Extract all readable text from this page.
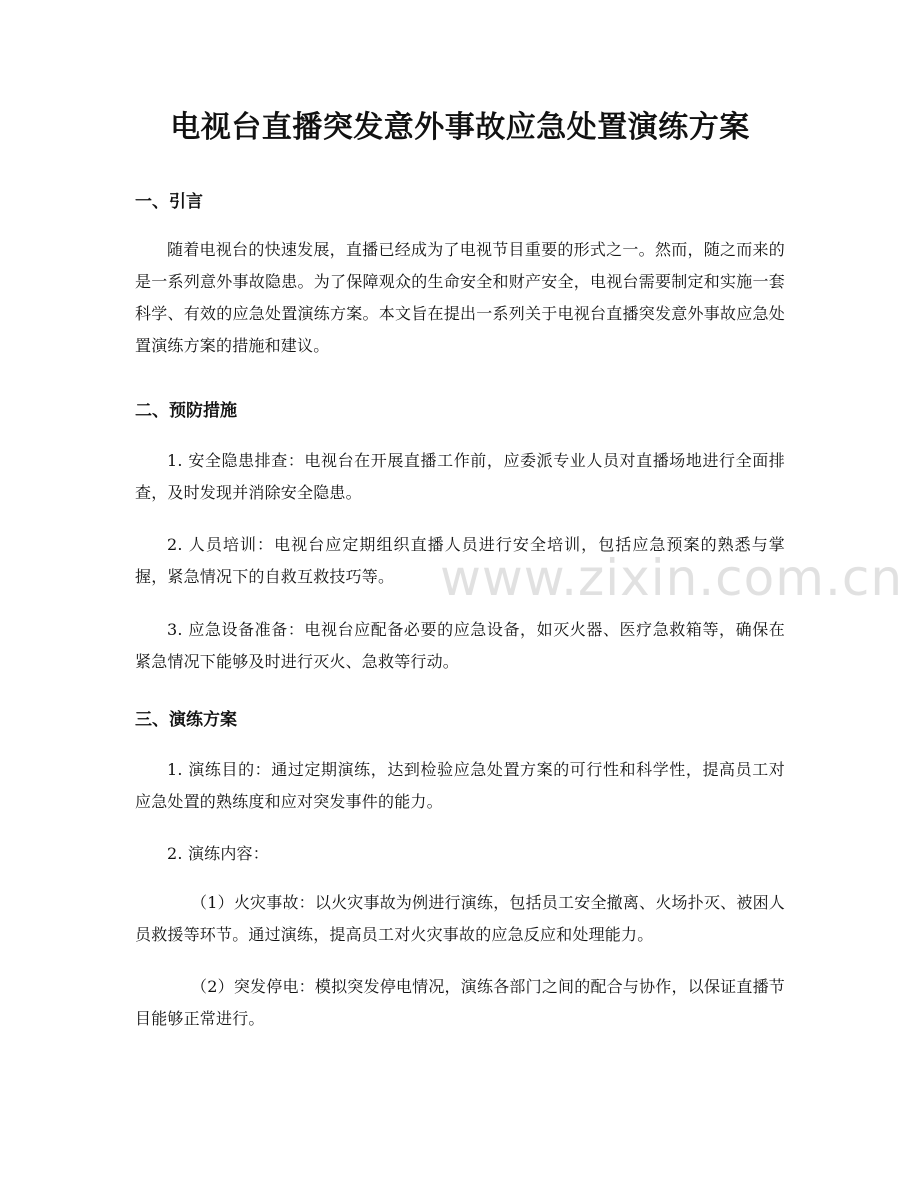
电视台直播突发意外事故应急处置演练方案
一、引言

随着电视台的快速发展，直播已经成为了电视节目重要的形式之一。然而，随之而来的是一系列意外事故隐患。为了保障观众的生命安全和财产安全，电视台需要制定和实施一套科学、有效的应急处置演练方案。本文旨在提出一系列关于电视台直播突发意外事故应急处置演练方案的措施和建议。

二、预防措施

1. 安全隐患排查：电视台在开展直播工作前，应委派专业人员对直播场地进行全面排查，及时发现并消除安全隐患。

2. 人员培训：电视台应定期组织直播人员进行安全培训，包括应急预案的熟悉与掌握，紧急情况下的自救互救技巧等。

3. 应急设备准备：电视台应配备必要的应急设备，如灭火器、医疗急救箱等，确保在紧急情况下能够及时进行灭火、急救等行动。

三、演练方案

1. 演练目的：通过定期演练，达到检验应急处置方案的可行性和科学性，提高员工对应急处置的熟练度和应对突发事件的能力。

2. 演练内容：

（1）火灾事故：以火灾事故为例进行演练，包括员工安全撤离、火场扑灭、被困人员救援等环节。通过演练，提高员工对火灾事故的应急反应和处理能力。

（2）突发停电：模拟突发停电情况，演练各部门之间的配合与协作，以保证直播节目能够正常进行。

www.zixin.com.cn
